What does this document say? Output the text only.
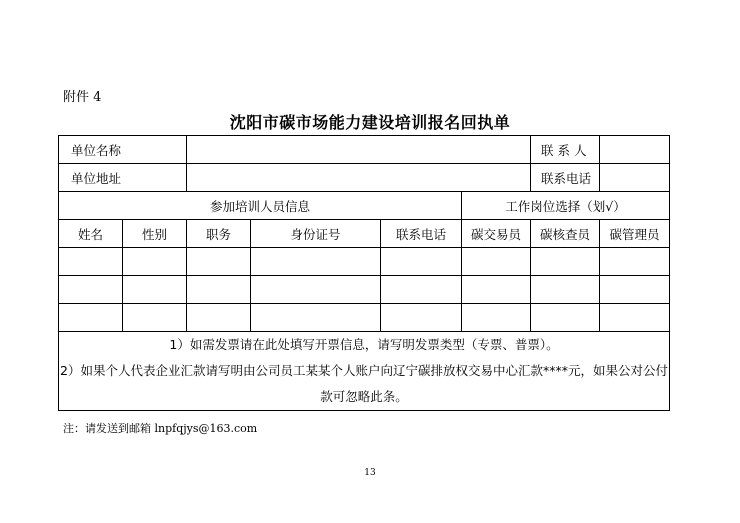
附件 4
沈阳市碳市场能力建设培训报名回执单
单位名称						联 系 人	
单位地址						联系电话	
参加培训人员信息					工作岗位选择（划√）		
姓名	性别	职务	身份证号	联系电话	碳交易员	碳核查员	碳管理员

1）如需发票请在此处填写开票信息，请写明发票类型（专票、普票）。
2）如果个人代表企业汇款请写明由公司员工某某个人账户向辽宁碳排放权交易中心汇款****元，如果公对公付款可忽略此条。							
注：请发送到邮箱 lnpfqjys@163.com
13
